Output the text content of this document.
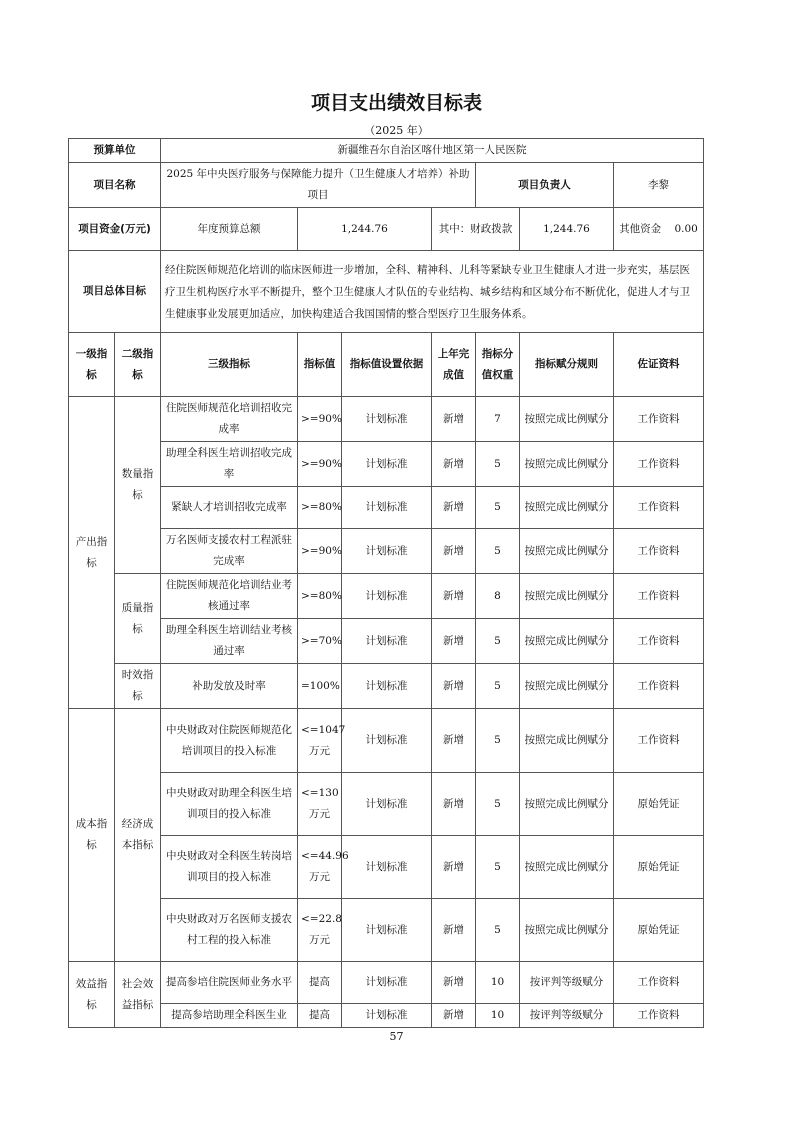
项目支出绩效目标表
（2025 年）
预算单位		新疆维吾尔自治区喀什地区第一人民医院						
项目名称		2025 年中央医疗服务与保障能力提升（卫生健康人才培养）补助项目				项目负责人		李黎
项目资金(万元)		年度预算总额	1,244.76		其中：财政拨款		1,244.76	其他资金 0.00
项目总体目标		经住院医师规范化培训的临床医师进一步增加，全科、精神科、儿科等紧缺专业卫生健康人才进一步充实，基层医疗卫生机构医疗水平不断提升，整个卫生健康人才队伍的专业结构、城乡结构和区域分布不断优化，促进人才与卫生健康事业发展更加适应，加快构建适合我国国情的整合型医疗卫生服务体系。						
一级指标	二级指标	三级指标	指标值	指标值设置依据	上年完成值	指标分值权重	指标赋分规则	佐证资料
产出指标	数量指标	住院医师规范化培训招收完成率	>=90%	计划标准	新增	7	按照完成比例赋分	工作资料
		助理全科医生培训招收完成率	>=90%	计划标准	新增	5	按照完成比例赋分	工作资料
		紧缺人才培训招收完成率	>=80%	计划标准	新增	5	按照完成比例赋分	工作资料
		万名医师支援农村工程派驻完成率	>=90%	计划标准	新增	5	按照完成比例赋分	工作资料
	质量指标	住院医师规范化培训结业考核通过率	>=80%	计划标准	新增	8	按照完成比例赋分	工作资料
		助理全科医生培训结业考核通过率	>=70%	计划标准	新增	5	按照完成比例赋分	工作资料
	时效指标	补助发放及时率	=100%	计划标准	新增	5	按照完成比例赋分	工作资料
成本指标	经济成本指标	中央财政对住院医师规范化培训项目的投入标准	<=1047万元	计划标准	新增	5	按照完成比例赋分	工作资料
		中央财政对助理全科医生培训项目的投入标准	<=130万元	计划标准	新增	5	按照完成比例赋分	原始凭证
		中央财政对全科医生转岗培训项目的投入标准	<=44.96万元	计划标准	新增	5	按照完成比例赋分	原始凭证
		中央财政对万名医师支援农村工程的投入标准	<=22.8万元	计划标准	新增	5	按照完成比例赋分	原始凭证
效益指标	社会效益指标	提高参培住院医师业务水平	提高	计划标准	新增	10	按评判等级赋分	工作资料
		提高参培助理全科医生业	提高	计划标准	新增	10	按评判等级赋分	工作资料
57
